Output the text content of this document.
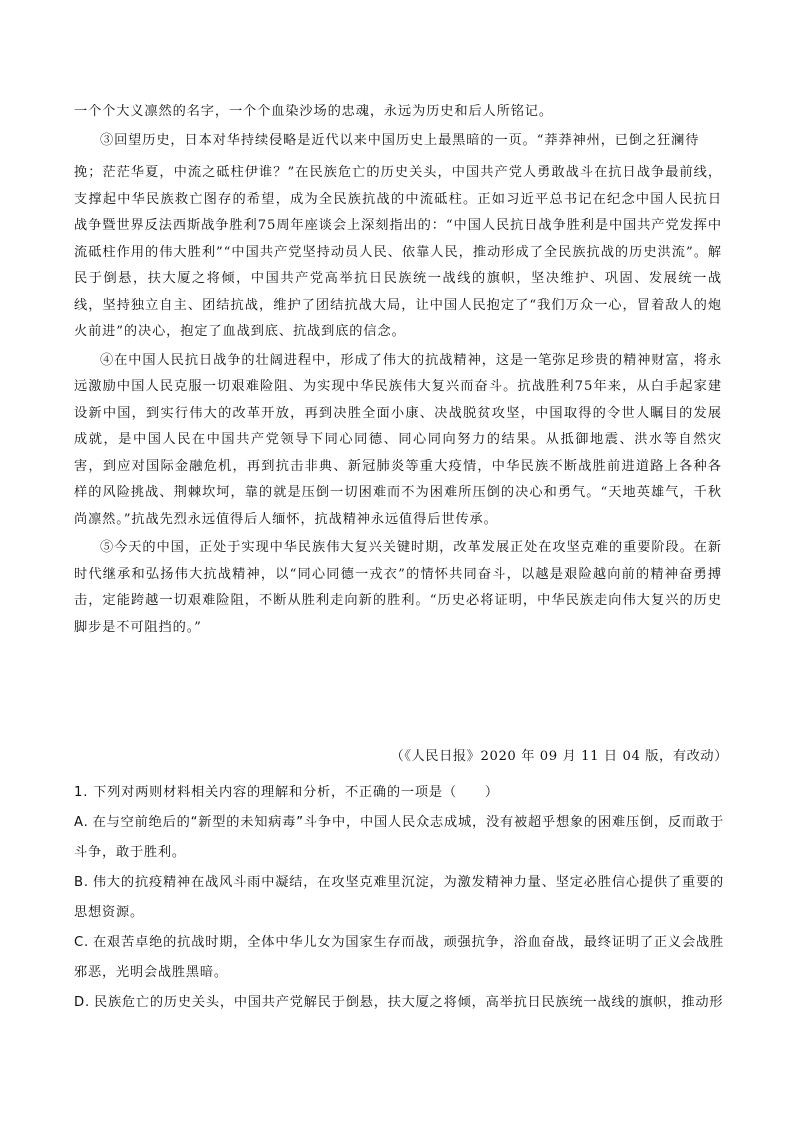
一个个大义凛然的名字，一个个血染沙场的忠魂，永远为历史和后人所铭记。

③回望历史，日本对华持续侵略是近代以来中国历史上最黑暗的一页。“莽莽神州，已倒之狂澜待

挽；茫茫华夏，中流之砥柱伊谁？”在民族危亡的历史关头，中国共产党人勇敢战斗在抗日战争最前线，支撑起中华民族救亡图存的希望，成为全民族抗战的中流砥柱。正如习近平总书记在纪念中国人民抗日战争暨世界反法西斯战争胜利75周年座谈会上深刻指出的：“中国人民抗日战争胜利是中国共产党发挥中流砥柱作用的伟大胜利”“中国共产党坚持动员人民、依靠人民，推动形成了全民族抗战的历史洪流”。解民于倒悬，扶大厦之将倾，中国共产党高举抗日民族统一战线的旗帜，坚决维护、巩固、发展统一战线，坚持独立自主、团结抗战，维护了团结抗战大局，让中国人民抱定了“我们万众一心，冒着敌人的炮火前进”的决心，抱定了血战到底、抗战到底的信念。

④在中国人民抗日战争的壮阔进程中，形成了伟大的抗战精神，这是一笔弥足珍贵的精神财富，将永远激励中国人民克服一切艰难险阻、为实现中华民族伟大复兴而奋斗。抗战胜利75年来，从白手起家建设新中国，到实行伟大的改革开放，再到决胜全面小康、决战脱贫攻坚，中国取得的令世人瞩目的发展成就，是中国人民在中国共产党领导下同心同德、同心同向努力的结果。从抵御地震、洪水等自然灾害，到应对国际金融危机，再到抗击非典、新冠肺炎等重大疫情，中华民族不断战胜前进道路上各种各样的风险挑战、荆棘坎坷，靠的就是压倒一切困难而不为困难所压倒的决心和勇气。“天地英雄气，千秋尚凛然。”抗战先烈永远值得后人缅怀，抗战精神永远值得后世传承。

⑤今天的中国，正处于实现中华民族伟大复兴关键时期，改革发展正处在攻坚克难的重要阶段。在新时代继承和弘扬伟大抗战精神，以“同心同德一戎衣”的情怀共同奋斗，以越是艰险越向前的精神奋勇搏击，定能跨越一切艰难险阻，不断从胜利走向新的胜利。“历史必将证明，中华民族走向伟大复兴的历史脚步是不可阻挡的。”

（《人民日报》2020 年 09 月 11 日 04 版，有改动）

1. 下列对两则材料相关内容的理解和分析，不正确的一项是（　　）

A. 在与空前绝后的“新型的未知病毒”斗争中，中国人民众志成城，没有被超乎想象的困难压倒，反而敢于斗争，敢于胜利。

B. 伟大的抗疫精神在战风斗雨中凝结，在攻坚克难里沉淀，为激发精神力量、坚定必胜信心提供了重要的思想资源。

C. 在艰苦卓绝的抗战时期，全体中华儿女为国家生存而战，顽强抗争，浴血奋战，最终证明了正义会战胜邪恶，光明会战胜黑暗。

D. 民族危亡的历史关头，中国共产党解民于倒悬，扶大厦之将倾，高举抗日民族统一战线的旗帜，推动形
